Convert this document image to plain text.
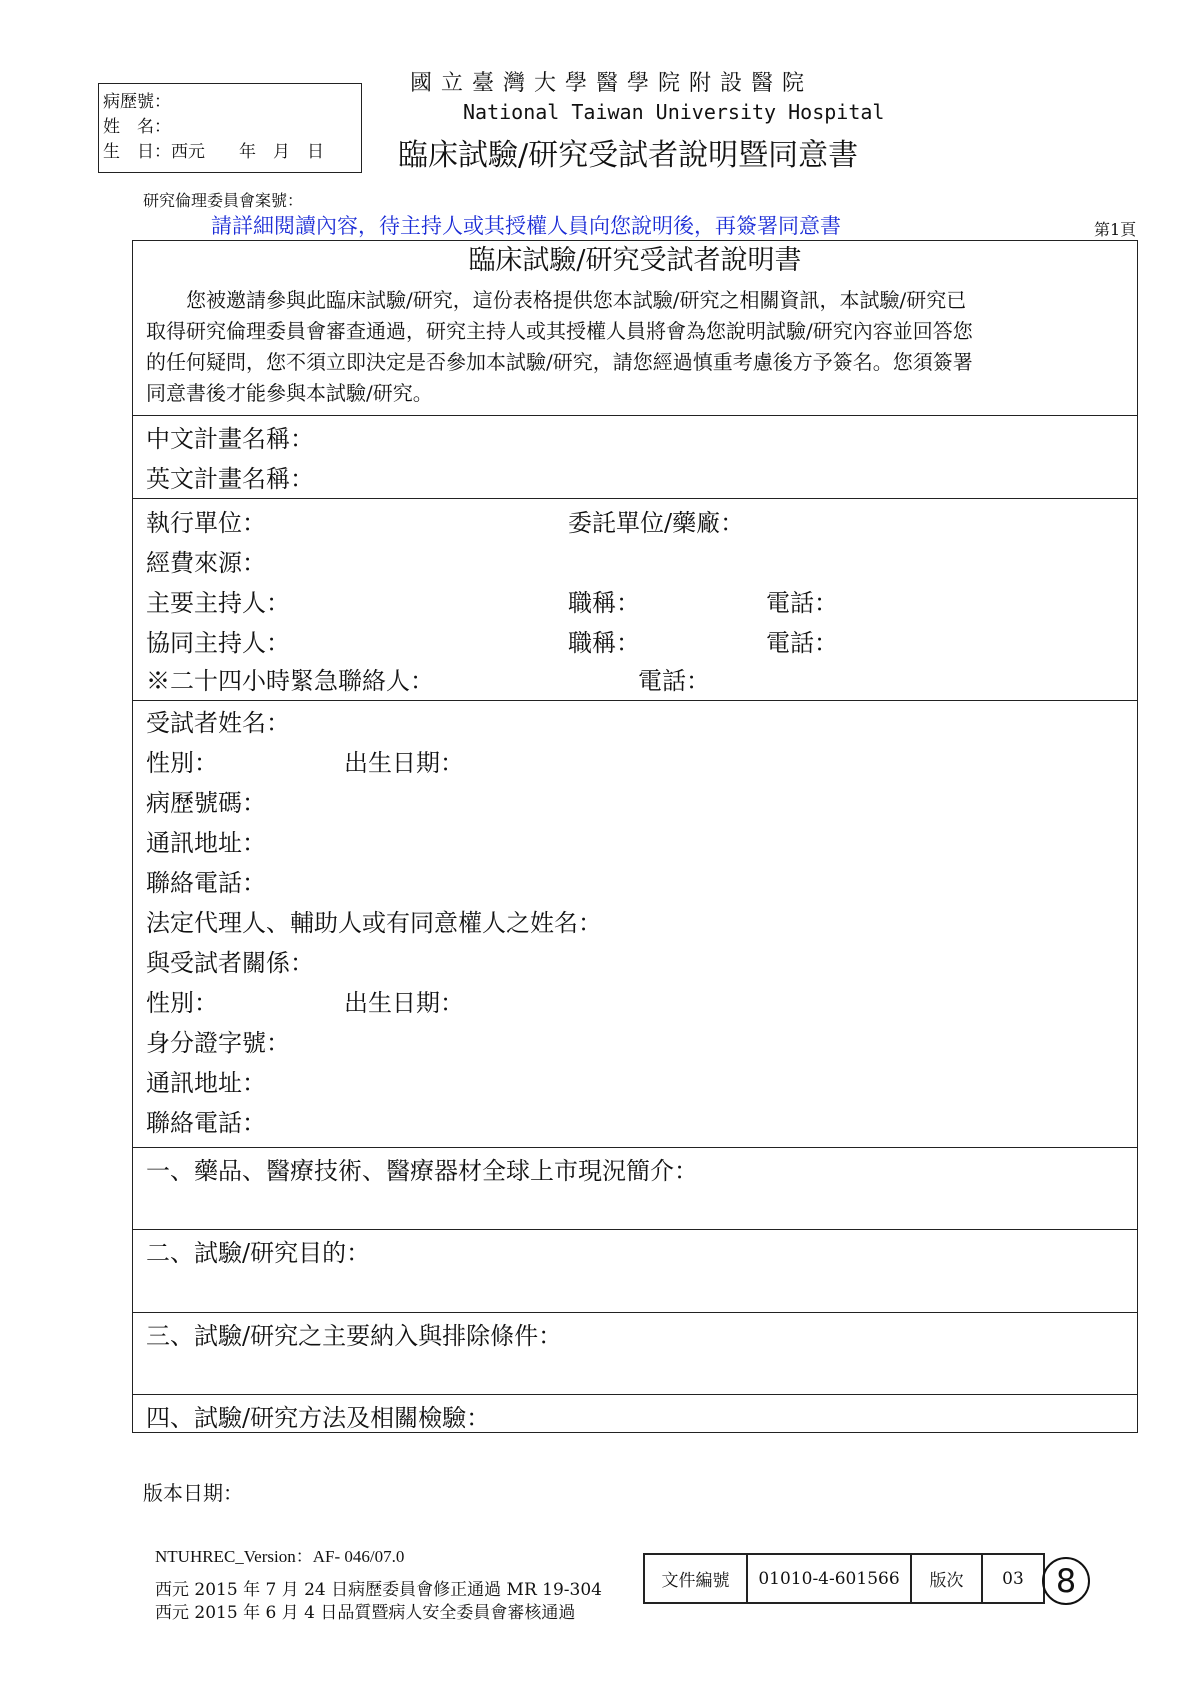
病歷號：
姓　名：
生　日：西元　　年　月　日
國立臺灣大學醫學院附設醫院
National Taiwan University Hospital
臨床試驗/研究受試者說明暨同意書
研究倫理委員會案號：
請詳細閱讀內容，待主持人或其授權人員向您說明後，再簽署同意書	第1頁
臨床試驗/研究受試者說明書
　　您被邀請參與此臨床試驗/研究，這份表格提供您本試驗/研究之相關資訊，本試驗/研究已
取得研究倫理委員會審查通過，研究主持人或其授權人員將會為您說明試驗/研究內容並回答您
的任何疑問，您不須立即決定是否參加本試驗/研究，請您經過慎重考慮後方予簽名。您須簽署
同意書後才能參與本試驗/研究。
中文計畫名稱：
英文計畫名稱：
執行單位：	委託單位/藥廠：
經費來源：
主要主持人：	職稱：	電話：
協同主持人：	職稱：	電話：
※二十四小時緊急聯絡人：	電話：
受試者姓名：
性別：	出生日期：
病歷號碼：
通訊地址：
聯絡電話：
法定代理人、輔助人或有同意權人之姓名：
與受試者關係：
性別：	出生日期：
身分證字號：
通訊地址：
聯絡電話：
一、藥品、醫療技術、醫療器材全球上市現況簡介：
二、試驗/研究目的：
三、試驗/研究之主要納入與排除條件：
四、試驗/研究方法及相關檢驗：
版本日期：
NTUHREC_Version：AF- 046/07.0
西元 2015 年 7 月 24 日病歷委員會修正通過 MR 19-304
西元 2015 年 6 月 4 日品質暨病人安全委員會審核通過
文件編號	01010-4-601566	版次	03	8
